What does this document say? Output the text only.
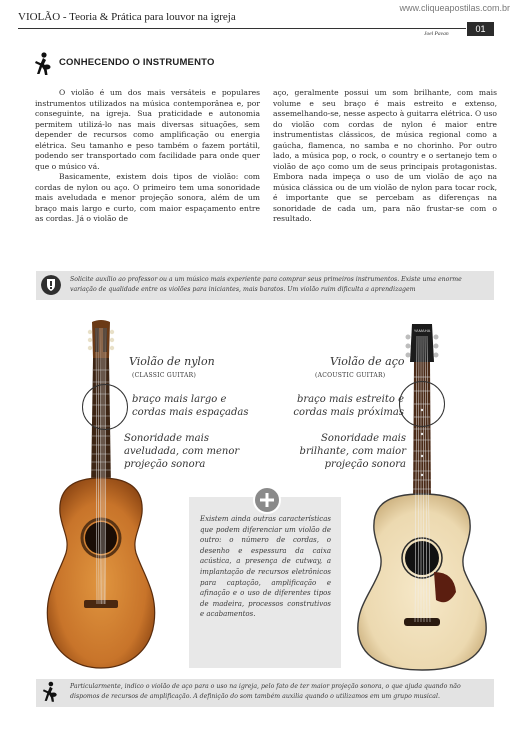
www.cliqueapostilas.com.br
VIOLÃO - Teoria & Prática para louvor na igreja
Joel Pavan	01
CONHECENDO O INSTRUMENTO

O violão é um dos mais versáteis e populares instrumentos utilizados na música contemporânea e, por conseguinte, na igreja. Sua praticidade e autonomia permitem utilizá-lo nas mais diversas situações, sem depender de recursos como amplificação ou energia elétrica. Seu tamanho e peso também o fazem portátil, podendo ser transportado com facilidade para onde quer que o músico vá.

Basicamente, existem dois tipos de violão: com cordas de nylon ou aço. O primeiro tem uma sonoridade mais aveludada e menor projeção sonora, além de um braço mais largo e curto, com maior espaçamento entre as cordas. Já o violão de

aço, geralmente possui um som brilhante, com mais volume e seu braço é mais estreito e extenso, assemelhando-se, nesse aspecto à guitarra elétrica. O uso do violão com cordas de nylon é maior entre instrumentistas clássicos, de música regional como a gaúcha, flamenca, no samba e no chorinho. Por outro lado, a música pop, o rock, o country e o sertanejo tem o violão de aço como um de seus principais protagonistas. Embora nada impeça o uso de um violão de aço na música clássica ou de um violão de nylon para tocar rock, é importante que se percebam as diferenças na sonoridade de cada um, para não frustar-se com o resultado.

Solicite auxílio ao professor ou a um músico mais experiente para comprar seus primeiros instrumentos. Existe uma enorme variação de qualidade entre os violões para iniciantes, mais baratos. Um violão ruim dificulta a aprendizagem
Violão de nylon
(CLASSIC GUITAR)
braço mais largo e
cordas mais espaçadas
Sonoridade mais
aveludada, com menor
projeção sonora
YAMAHA
Violão de aço
(ACOUSTIC GUITAR)
braço mais estreito e
cordas mais próximas
Sonoridade mais
brilhante, com maior
projeção sonora
Existem ainda outras características que podem diferenciar um violão de outro: o número de cordas, o desenho e espessura da caixa acústica, a presença de cutway, a implantação de recursos eletrônicos para captação, amplificação e afinação e o uso de diferentes tipos de madeira, processos construtivos e acabamentos.
Particularmente, indico o violão de aço para o uso na igreja, pelo fato de ter maior projeção sonora, o que ajuda quando não dispomos de recursos de amplificação. A definição do som também auxilia quando o utilizamos em um grupo musical.
